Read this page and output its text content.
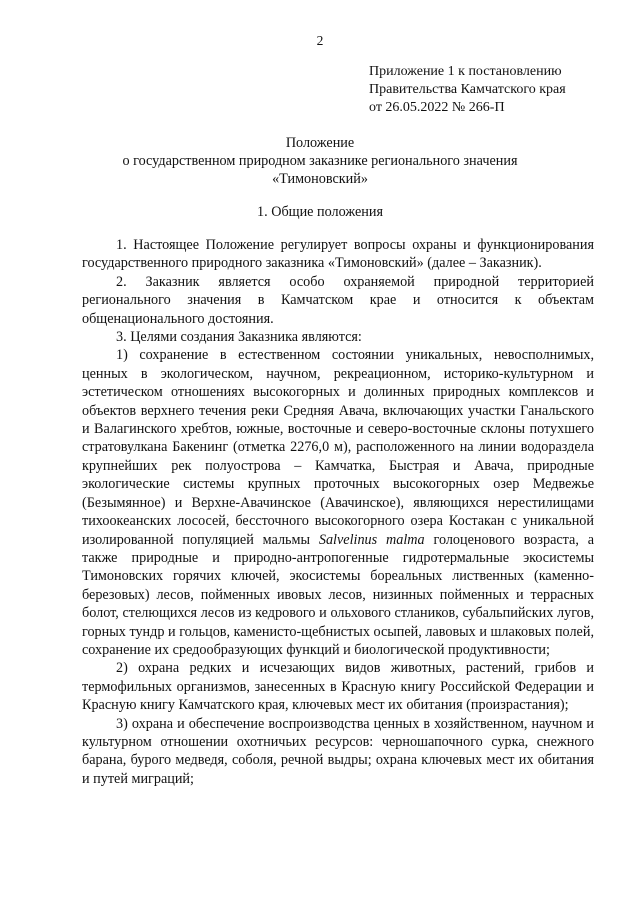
2
Приложение 1 к постановлению
Правительства Камчатского края
от 26.05.2022 № 266-П
Положение
о государственном природном заказнике регионального значения
«Тимоновский»
1. Общие положения

1. Настоящее Положение регулирует вопросы охраны и функционирования государственного природного заказника «Тимоновский» (далее – Заказник).

2. Заказник является особо охраняемой природной территорией регионального значения в Камчатском крае и относится к объектам общенационального достояния.

3. Целями создания Заказника являются:

1) сохранение в естественном состоянии уникальных, невосполнимых, ценных в экологическом, научном, рекреационном, историко-культурном и эстетическом отношениях высокогорных и долинных природных комплексов и объектов верхнего течения реки Средняя Авача, включающих участки Ганальского и Валагинского хребтов, южные, восточные и северо-восточные склоны потухшего стратовулкана Бакенинг (отметка 2276,0 м), расположенного на линии водораздела крупнейших рек полуострова – Камчатка, Быстрая и Авача, природные экологические системы крупных проточных высокогорных озер Медвежье (Безымянное) и Верхне-Авачинское (Авачинское), являющихся нерестилищами тихоокеанских лососей, бессточного высокогорного озера Костакан с уникальной изолированной популяцией мальмы Salvelinus malma голоценового возраста, а также природные и природно-антропогенные гидротермальные экосистемы Тимоновских горячих ключей, экосистемы бореальных лиственных (каменно-березовых) лесов, пойменных ивовых лесов, низинных пойменных и террасных болот, стелющихся лесов из кедрового и ольхового стлаников, субальпийских лугов, горных тундр и гольцов, каменисто-щебнистых осыпей, лавовых и шлаковых полей, сохранение их средообразующих функций и биологической продуктивности;

2) охрана редких и исчезающих видов животных, растений, грибов и термофильных организмов, занесенных в Красную книгу Российской Федерации и Красную книгу Камчатского края, ключевых мест их обитания (произрастания);

3) охрана и обеспечение воспроизводства ценных в хозяйственном, научном и культурном отношении охотничьих ресурсов: черношапочного сурка, снежного барана, бурого медведя, соболя, речной выдры; охрана ключевых мест их обитания и путей миграций;
